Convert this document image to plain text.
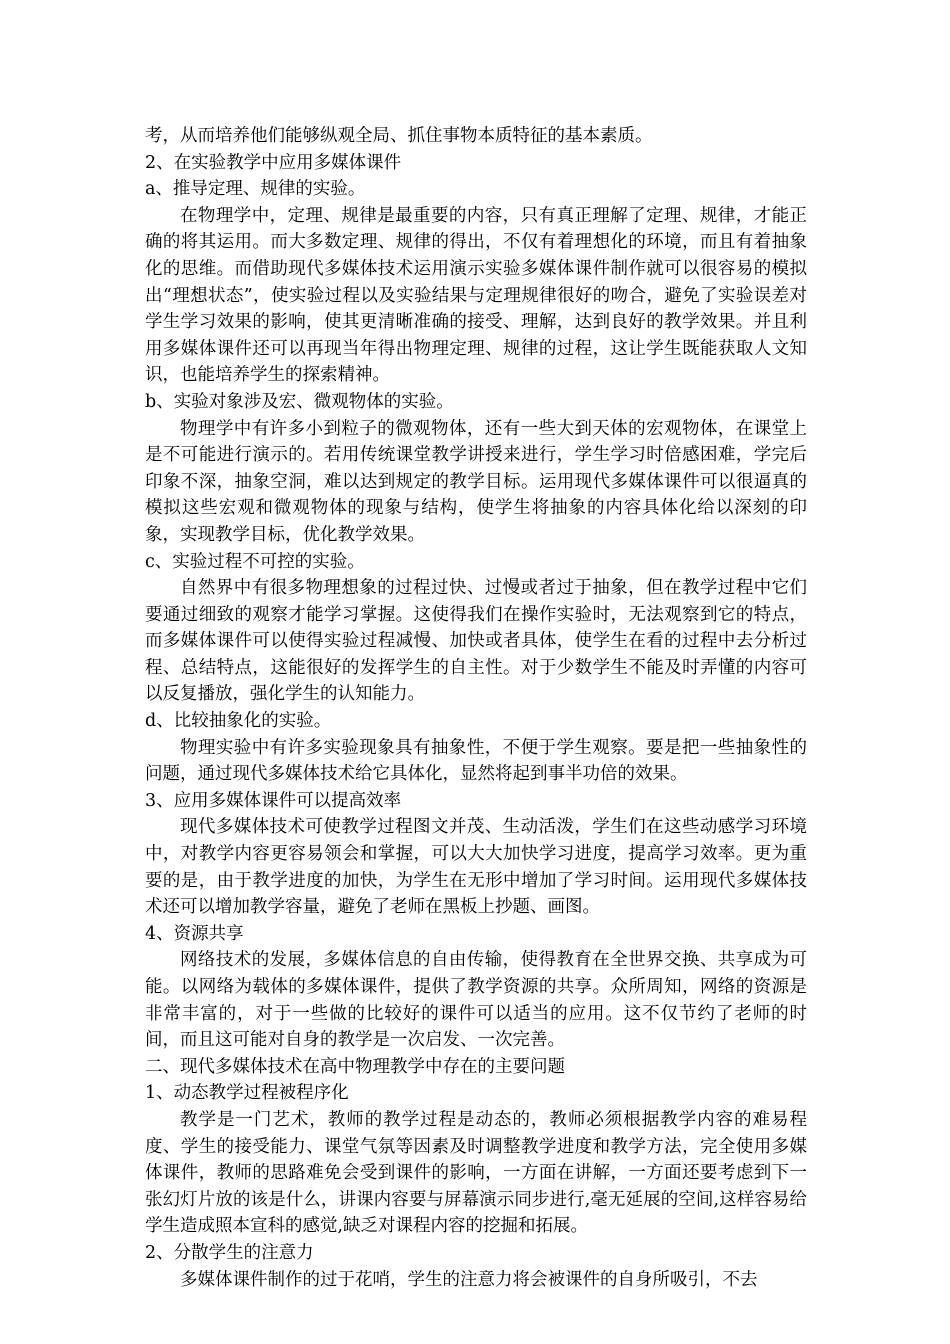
考，从而培养他们能够纵观全局、抓住事物本质特征的基本素质。

2、在实验教学中应用多媒体课件

a、推导定理、规律的实验。

在物理学中，定理、规律是最重要的内容，只有真正理解了定理、规律，才能正确的将其运用。而大多数定理、规律的得出，不仅有着理想化的环境，而且有着抽象化的思维。而借助现代多媒体技术运用演示实验多媒体课件制作就可以很容易的模拟出“理想状态”，使实验过程以及实验结果与定理规律很好的吻合，避免了实验误差对学生学习效果的影响，使其更清晰准确的接受、理解，达到良好的教学效果。并且利用多媒体课件还可以再现当年得出物理定理、规律的过程，这让学生既能获取人文知识，也能培养学生的探索精神。

b、实验对象涉及宏、微观物体的实验。

物理学中有许多小到粒子的微观物体，还有一些大到天体的宏观物体，在课堂上是不可能进行演示的。若用传统课堂教学讲授来进行，学生学习时倍感困难，学完后印象不深，抽象空洞，难以达到规定的教学目标。运用现代多媒体课件可以很逼真的模拟这些宏观和微观物体的现象与结构，使学生将抽象的内容具体化给以深刻的印象，实现教学目标，优化教学效果。

c、实验过程不可控的实验。

自然界中有很多物理想象的过程过快、过慢或者过于抽象，但在教学过程中它们要通过细致的观察才能学习掌握。这使得我们在操作实验时，无法观察到它的特点，而多媒体课件可以使得实验过程减慢、加快或者具体，使学生在看的过程中去分析过程、总结特点，这能很好的发挥学生的自主性。对于少数学生不能及时弄懂的内容可以反复播放，强化学生的认知能力。

d、比较抽象化的实验。

物理实验中有许多实验现象具有抽象性，不便于学生观察。要是把一些抽象性的问题，通过现代多媒体技术给它具体化，显然将起到事半功倍的效果。

3、应用多媒体课件可以提高效率

现代多媒体技术可使教学过程图文并茂、生动活泼，学生们在这些动感学习环境中，对教学内容更容易领会和掌握，可以大大加快学习进度，提高学习效率。更为重要的是，由于教学进度的加快，为学生在无形中增加了学习时间。运用现代多媒体技术还可以增加教学容量，避免了老师在黑板上抄题、画图。

4、资源共享

网络技术的发展，多媒体信息的自由传输，使得教育在全世界交换、共享成为可能。以网络为载体的多媒体课件，提供了教学资源的共享。众所周知，网络的资源是非常丰富的，对于一些做的比较好的课件可以适当的应用。这不仅节约了老师的时间，而且这可能对自身的教学是一次启发、一次完善。

二、现代多媒体技术在高中物理教学中存在的主要问题

1、动态教学过程被程序化

教学是一门艺术，教师的教学过程是动态的，教师必须根据教学内容的难易程度、学生的接受能力、课堂气氛等因素及时调整教学进度和教学方法，完全使用多媒体课件，教师的思路难免会受到课件的影响，一方面在讲解，一方面还要考虑到下一张幻灯片放的该是什么，讲课内容要与屏幕演示同步进行,毫无延展的空间,这样容易给学生造成照本宣科的感觉,缺乏对课程内容的挖掘和拓展。

2、分散学生的注意力

多媒体课件制作的过于花哨，学生的注意力将会被课件的自身所吸引，不去
